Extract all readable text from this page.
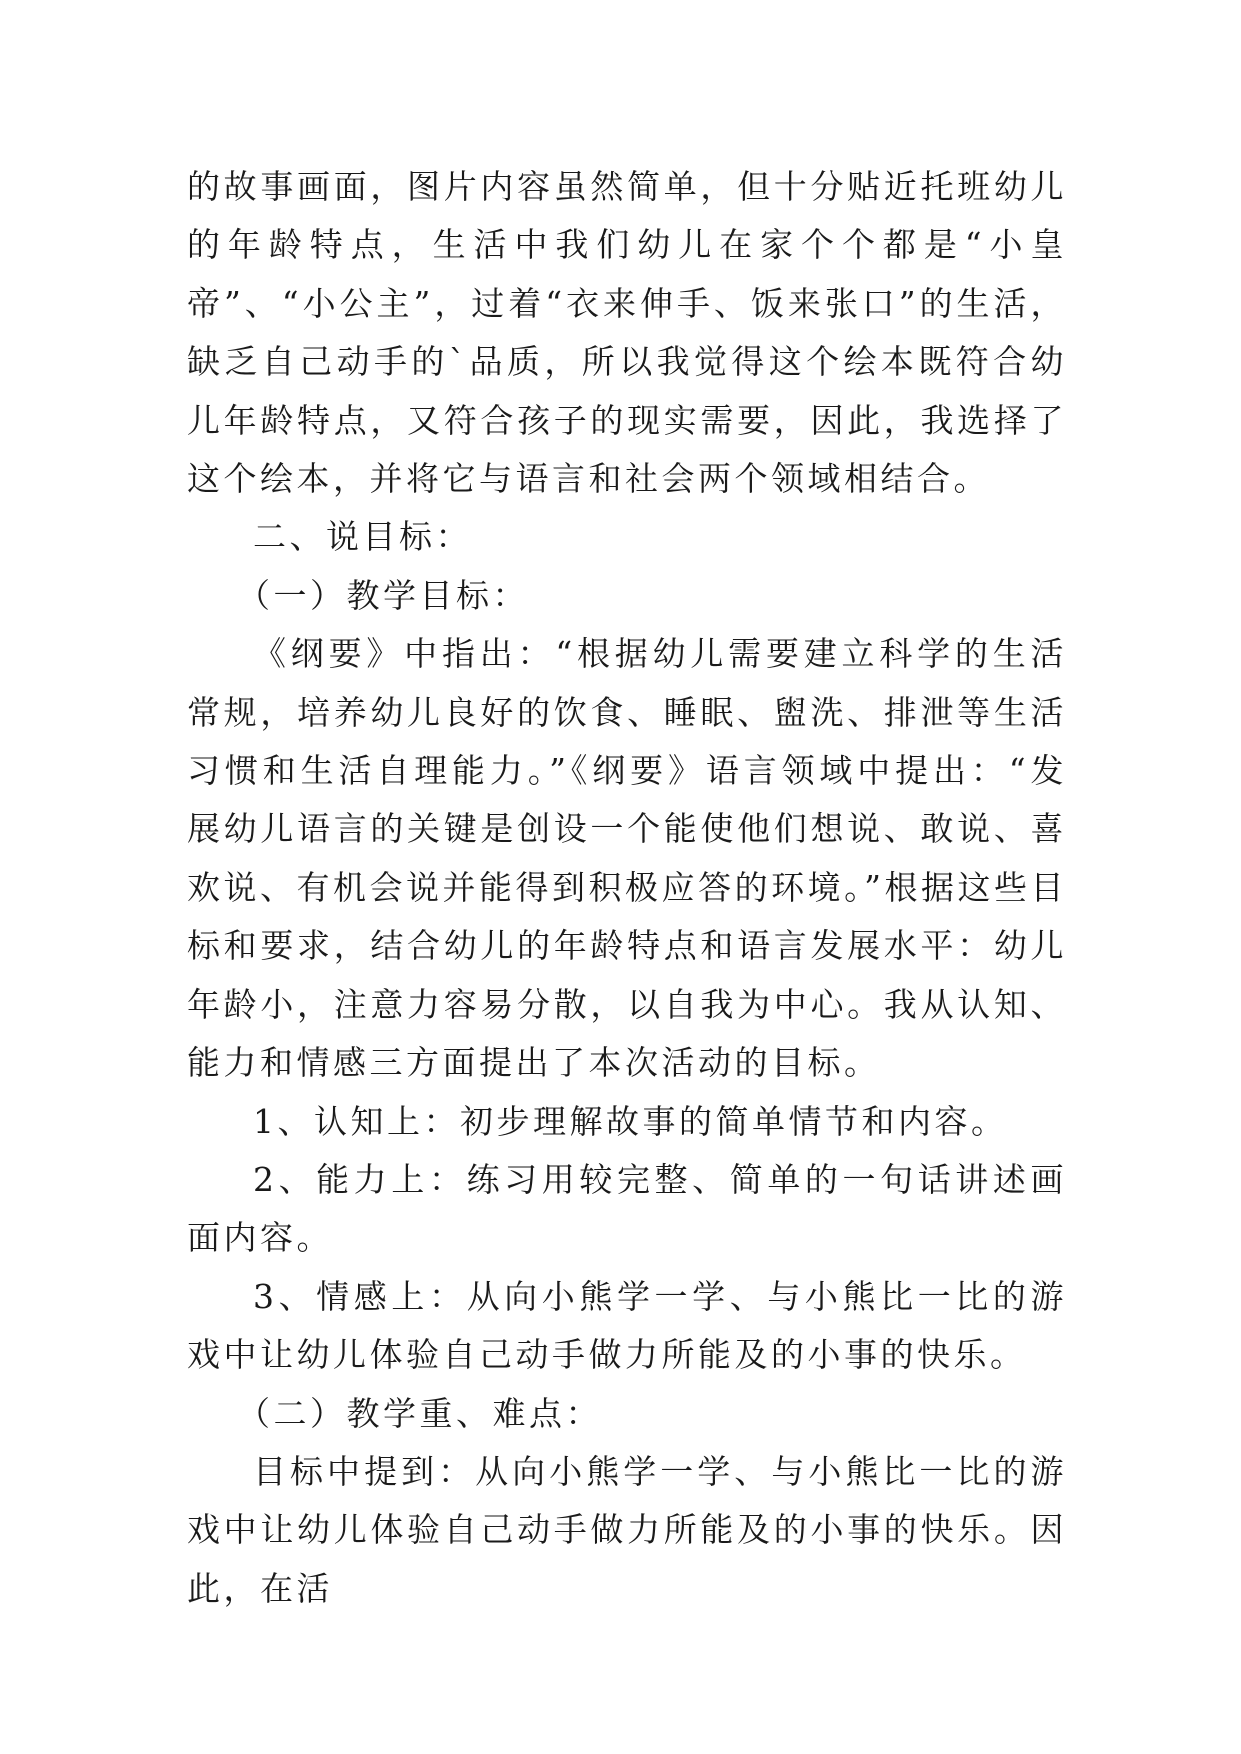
的故事画面，图片内容虽然简单，但十分贴近托班幼儿的年龄特点，生活中我们幼儿在家个个都是“小皇帝”、“小公主”，过着“衣来伸手、饭来张口”的生活，缺乏自己动手的`品质，所以我觉得这个绘本既符合幼儿年龄特点，又符合孩子的现实需要，因此，我选择了这个绘本，并将它与语言和社会两个领域相结合。

二、说目标：

（一）教学目标：

《纲要》中指出：“根据幼儿需要建立科学的生活常规，培养幼儿良好的饮食、睡眠、盥洗、排泄等生活习惯和生活自理能力。”《纲要》语言领域中提出：“发展幼儿语言的关键是创设一个能使他们想说、敢说、喜欢说、有机会说并能得到积极应答的环境。”根据这些目标和要求，结合幼儿的年龄特点和语言发展水平：幼儿年龄小，注意力容易分散，以自我为中心。我从认知、能力和情感三方面提出了本次活动的目标。

1、认知上：初步理解故事的简单情节和内容。

2、能力上：练习用较完整、简单的一句话讲述画面内容。

3、情感上：从向小熊学一学、与小熊比一比的游戏中让幼儿体验自己动手做力所能及的小事的快乐。

（二）教学重、难点：

目标中提到：从向小熊学一学、与小熊比一比的游戏中让幼儿体验自己动手做力所能及的小事的快乐。因此，在活
